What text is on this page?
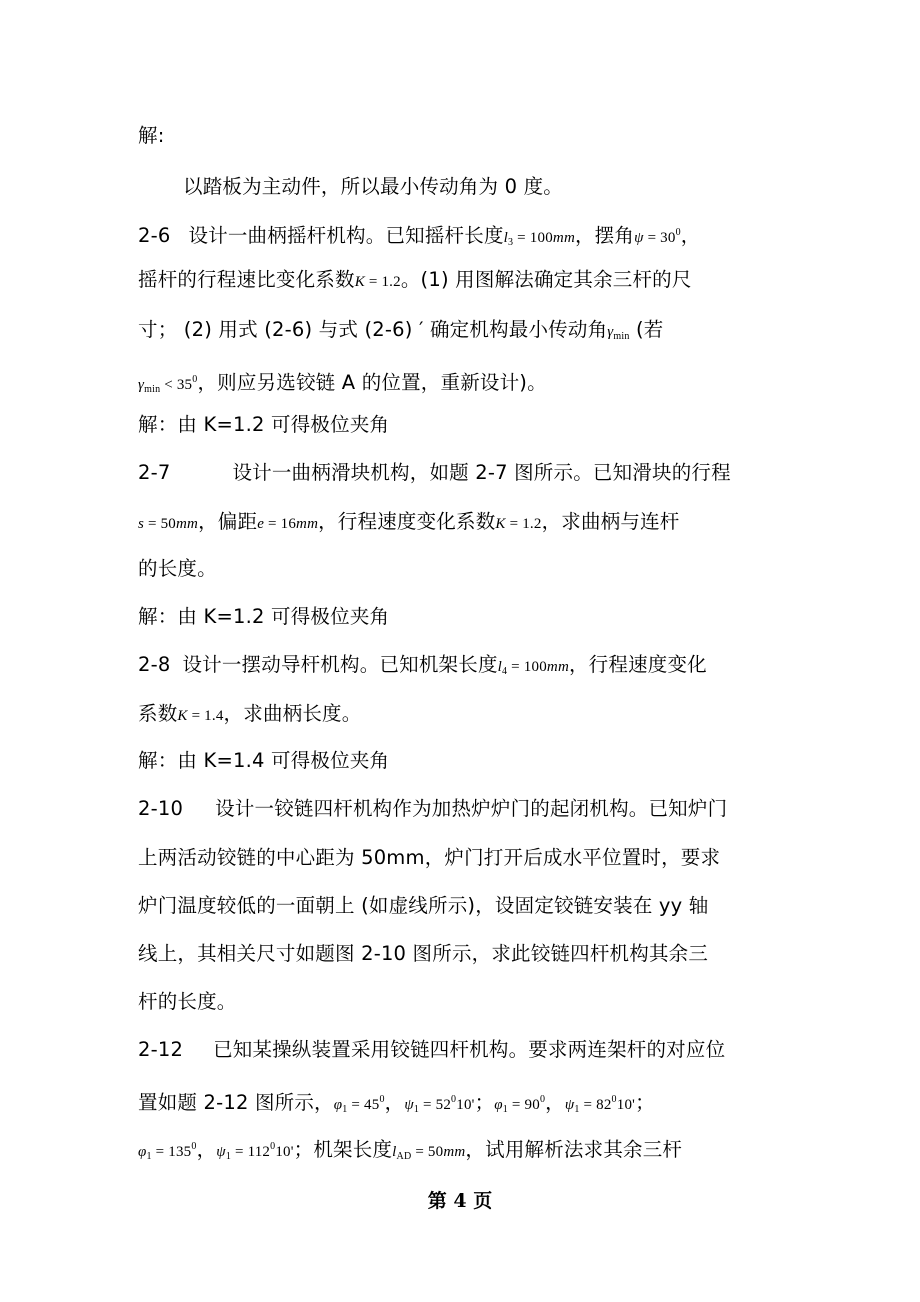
解:
以踏板为主动件，所以最小传动角为 0 度。
2-6 设计一曲柄摇杆机构。已知摇杆长度$l_3 = 100mm$，摆角$\psi = 30^0$，
摇杆的行程速比变化系数K = 1.2。(1) 用图解法确定其余三杆的尺
寸； (2) 用式 (2-6) 与式 (2-6) ′ 确定机构最小传动角$\gamma_{min}$ (若
$\gamma_{min} < 35^0$，则应另选铰链 A 的位置，重新设计)。
解：由 K=1.2 可得极位夹角
2-7	设计一曲柄滑块机构，如题 2-7 图所示。已知滑块的行程
s = 50mm，偏距e = 16mm，行程速度变化系数K = 1.2，求曲柄与连杆
的长度。
解：由 K=1.2 可得极位夹角
2-8 设计一摆动导杆机构。已知机架长度$l_4 = 100mm$，行程速度变化
系数K = 1.4，求曲柄长度。
解：由 K=1.4 可得极位夹角
2-10 设计一铰链四杆机构作为加热炉炉门的起闭机构。已知炉门
上两活动铰链的中心距为 50mm，炉门打开后成水平位置时，要求
炉门温度较低的一面朝上 (如虚线所示)，设固定铰链安装在 yy 轴
线上，其相关尺寸如题图 2-10 图所示，求此铰链四杆机构其余三
杆的长度。
2-12 已知某操纵装置采用铰链四杆机构。要求两连架杆的对应位
置如题 2-12 图所示，$\varphi_1 = 45^0$，$\psi_1 = 52^010'$；$\varphi_1 = 90^0$，$\psi_1 = 82^010'$；
$\varphi_1 = 135^0$，$\psi_1 = 112^010'$；机架长度$l_{AD} = 50mm$，试用解析法求其余三杆
第 4 页
